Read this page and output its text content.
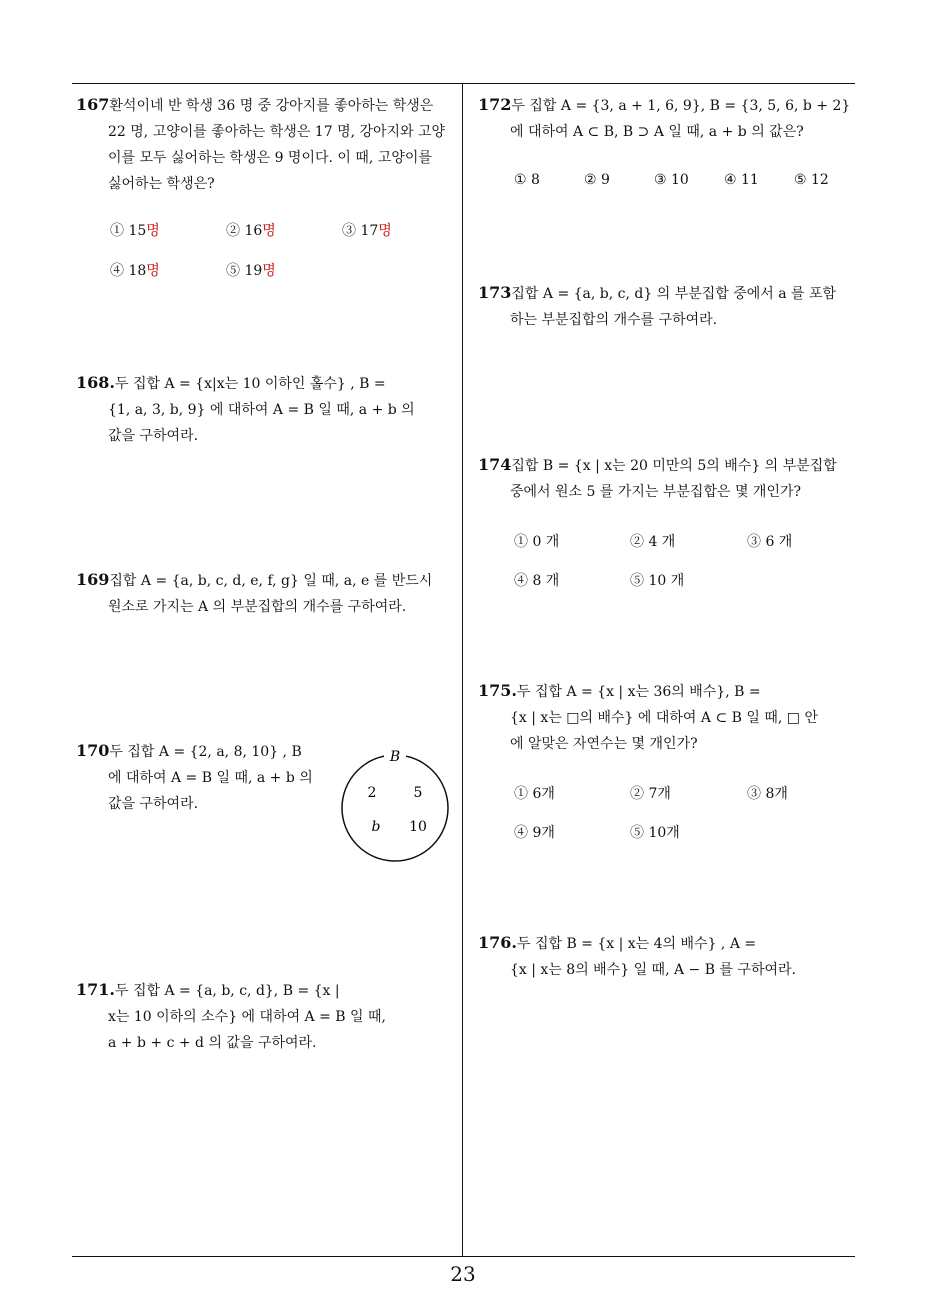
167환석이네 반 학생 36 명 중 강아지를 좋아하는 학생은
22 명, 고양이를 좋아하는 학생은 17 명, 강아지와 고양
이를 모두 싫어하는 학생은 9 명이다. 이 때, 고양이를
싫어하는 학생은?
① 15명	② 16명	③ 17명
④ 18명	⑤ 19명
168.두 집합 A = {x|x는 10 이하인 홀수} , B =
{1, a, 3, b, 9} 에 대하여 A = B 일 때, a + b 의
값을 구하여라.
169집합 A = {a, b, c, d, e, f, g} 일 때, a, e 를 반드시
원소로 가지는 A 의 부분집합의 개수를 구하여라.
170두 집합 A = {2, a, 8, 10} , B
에 대하여 A = B 일 때, a + b 의
값을 구하여라.
B
2	5
b 10
171.두 집합 A = {a, b, c, d}, B = {x |
x는 10 이하의 소수} 에 대하여 A = B 일 때,
a + b + c + d 의 값을 구하여라.
172두 집합 A = {3, a + 1, 6, 9}, B = {3, 5, 6, b + 2}
에 대하여 A ⊂ B, B ⊃ A 일 때, a + b 의 값은?
① 8	② 9	③ 10	④ 11	⑤ 12
173집합 A = {a, b, c, d} 의 부분집합 중에서 a 를 포함
하는 부분집합의 개수를 구하여라.
174집합 B = {x | x는 20 미만의 5의 배수} 의 부분집합
중에서 원소 5 를 가지는 부분집합은 몇 개인가?
① 0 개	② 4 개	③ 6 개
④ 8 개	⑤ 10 개
175.두 집합 A = {x | x는 36의 배수}, B =
{x | x는 □의 배수} 에 대하여 A ⊂ B 일 때, □ 안
에 알맞은 자연수는 몇 개인가?
① 6개	② 7개	③ 8개
④ 9개	⑤ 10개
176.두 집합 B = {x | x는 4의 배수} , A =
{x | x는 8의 배수} 일 때, A − B 를 구하여라.
23
